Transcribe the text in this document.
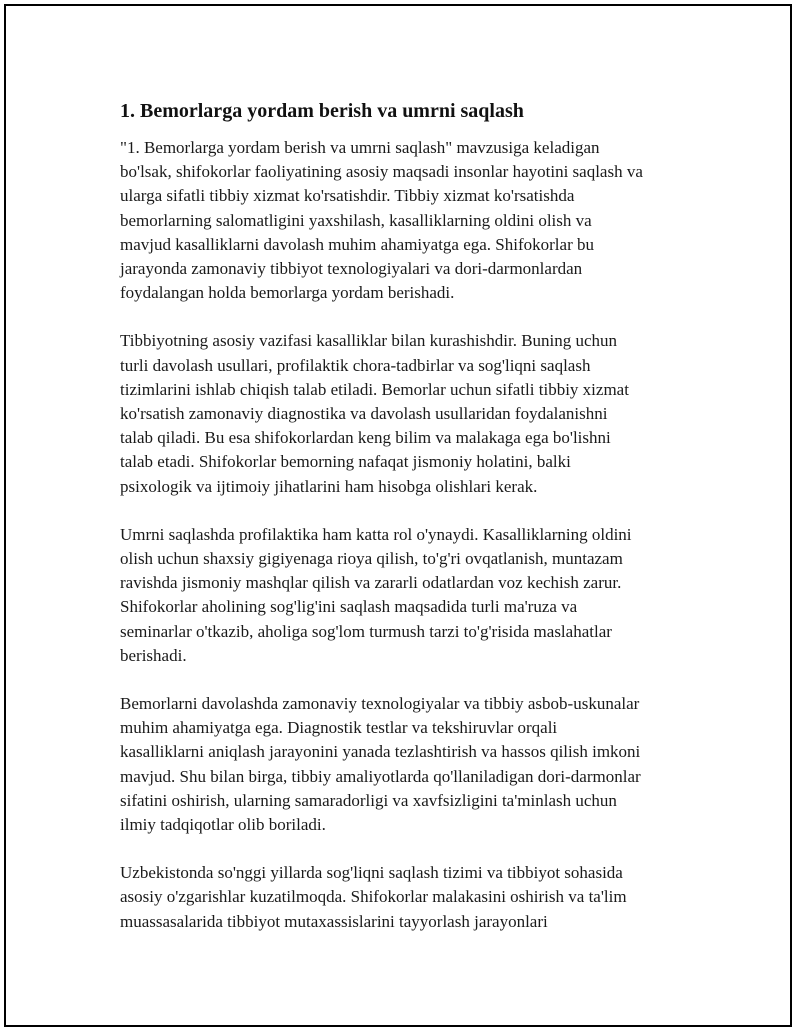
1. Bemorlarga yordam berish va umrni saqlash

"1. Bemorlarga yordam berish va umrni saqlash" mavzusiga keladigan
bo'lsak, shifokorlar faoliyatining asosiy maqsadi insonlar hayotini saqlash va
ularga sifatli tibbiy xizmat ko'rsatishdir. Tibbiy xizmat ko'rsatishda
bemorlarning salomatligini yaxshilash, kasalliklarning oldini olish va
mavjud kasalliklarni davolash muhim ahamiyatga ega. Shifokorlar bu
jarayonda zamonaviy tibbiyot texnologiyalari va dori-darmonlardan
foydalangan holda bemorlarga yordam berishadi.

Tibbiyotning asosiy vazifasi kasalliklar bilan kurashishdir. Buning uchun
turli davolash usullari, profilaktik chora-tadbirlar va sog'liqni saqlash
tizimlarini ishlab chiqish talab etiladi. Bemorlar uchun sifatli tibbiy xizmat
ko'rsatish zamonaviy diagnostika va davolash usullaridan foydalanishni
talab qiladi. Bu esa shifokorlardan keng bilim va malakaga ega bo'lishni
talab etadi. Shifokorlar bemorning nafaqat jismoniy holatini, balki
psixologik va ijtimoiy jihatlarini ham hisobga olishlari kerak.

Umrni saqlashda profilaktika ham katta rol o'ynaydi. Kasalliklarning oldini
olish uchun shaxsiy gigiyenaga rioya qilish, to'g'ri ovqatlanish, muntazam
ravishda jismoniy mashqlar qilish va zararli odatlardan voz kechish zarur.
Shifokorlar aholining sog'lig'ini saqlash maqsadida turli ma'ruza va
seminarlar o'tkazib, aholiga sog'lom turmush tarzi to'g'risida maslahatlar
berishadi.

Bemorlarni davolashda zamonaviy texnologiyalar va tibbiy asbob-uskunalar
muhim ahamiyatga ega. Diagnostik testlar va tekshiruvlar orqali
kasalliklarni aniqlash jarayonini yanada tezlashtirish va hassos qilish imkoni
mavjud. Shu bilan birga, tibbiy amaliyotlarda qo'llaniladigan dori-darmonlar
sifatini oshirish, ularning samaradorligi va xavfsizligini ta'minlash uchun
ilmiy tadqiqotlar olib boriladi.

Uzbekistonda so'nggi yillarda sog'liqni saqlash tizimi va tibbiyot sohasida
asosiy o'zgarishlar kuzatilmoqda. Shifokorlar malakasini oshirish va ta'lim
muassasalarida tibbiyot mutaxassislarini tayyorlash jarayonlari
